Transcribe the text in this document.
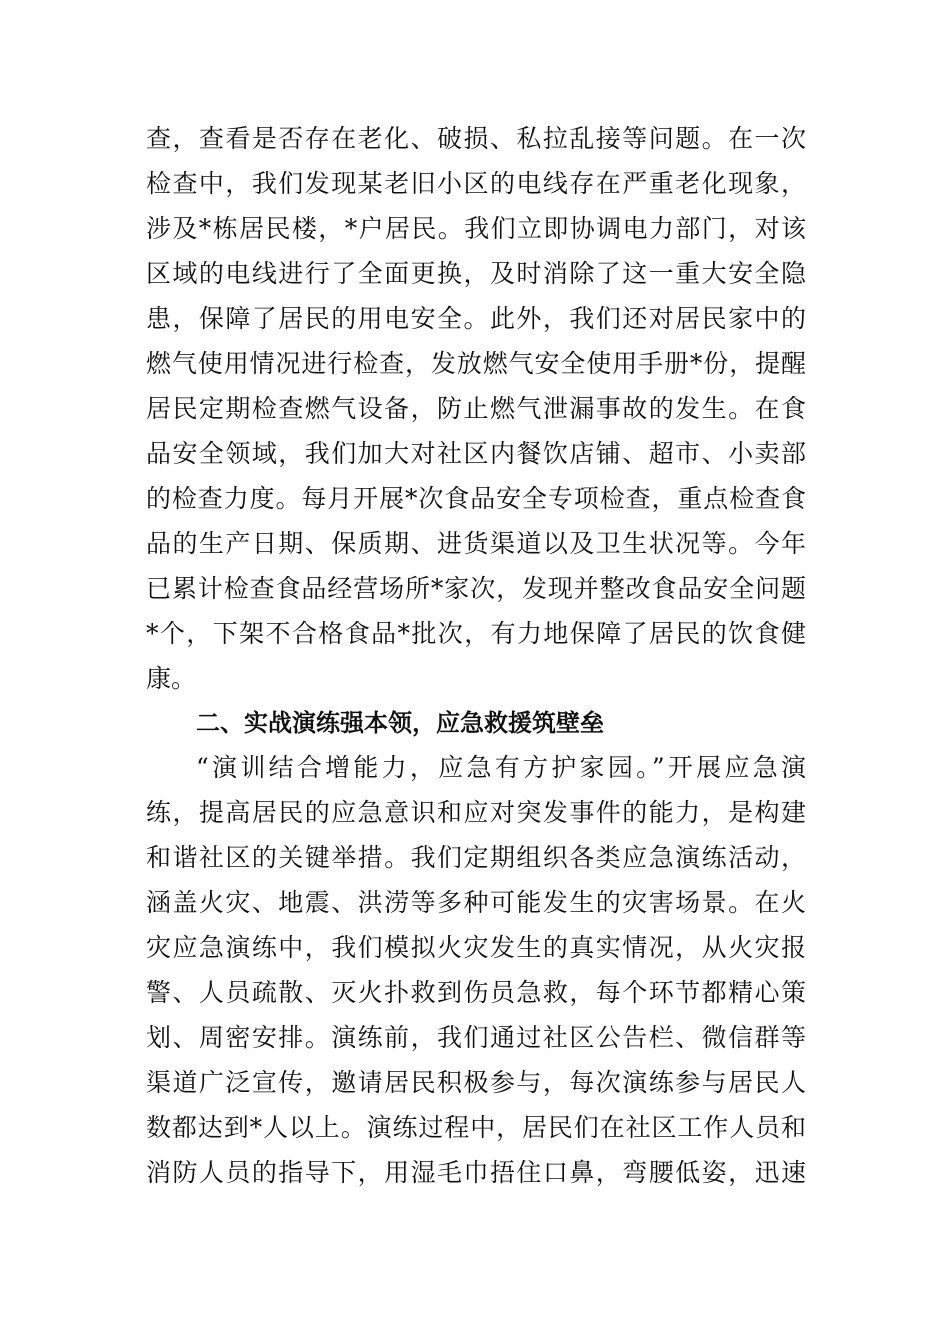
查，查看是否存在老化、破损、私拉乱接等问题。在一次
检查中，我们发现某老旧小区的电线存在严重老化现象，
涉及*栋居民楼，*户居民。我们立即协调电力部门，对该
区域的电线进行了全面更换，及时消除了这一重大安全隐
患，保障了居民的用电安全。此外，我们还对居民家中的
燃气使用情况进行检查，发放燃气安全使用手册*份，提醒
居民定期检查燃气设备，防止燃气泄漏事故的发生。在食
品安全领域，我们加大对社区内餐饮店铺、超市、小卖部
的检查力度。每月开展*次食品安全专项检查，重点检查食
品的生产日期、保质期、进货渠道以及卫生状况等。今年
已累计检查食品经营场所*家次，发现并整改食品安全问题
*个，下架不合格食品*批次，有力地保障了居民的饮食健
康。
二、实战演练强本领，应急救援筑壁垒
“演训结合增能力，应急有方护家园。”开展应急演
练，提高居民的应急意识和应对突发事件的能力，是构建
和谐社区的关键举措。我们定期组织各类应急演练活动，
涵盖火灾、地震、洪涝等多种可能发生的灾害场景。在火
灾应急演练中，我们模拟火灾发生的真实情况，从火灾报
警、人员疏散、灭火扑救到伤员急救，每个环节都精心策
划、周密安排。演练前，我们通过社区公告栏、微信群等
渠道广泛宣传，邀请居民积极参与，每次演练参与居民人
数都达到*人以上。演练过程中，居民们在社区工作人员和
消防人员的指导下，用湿毛巾捂住口鼻，弯腰低姿，迅速
